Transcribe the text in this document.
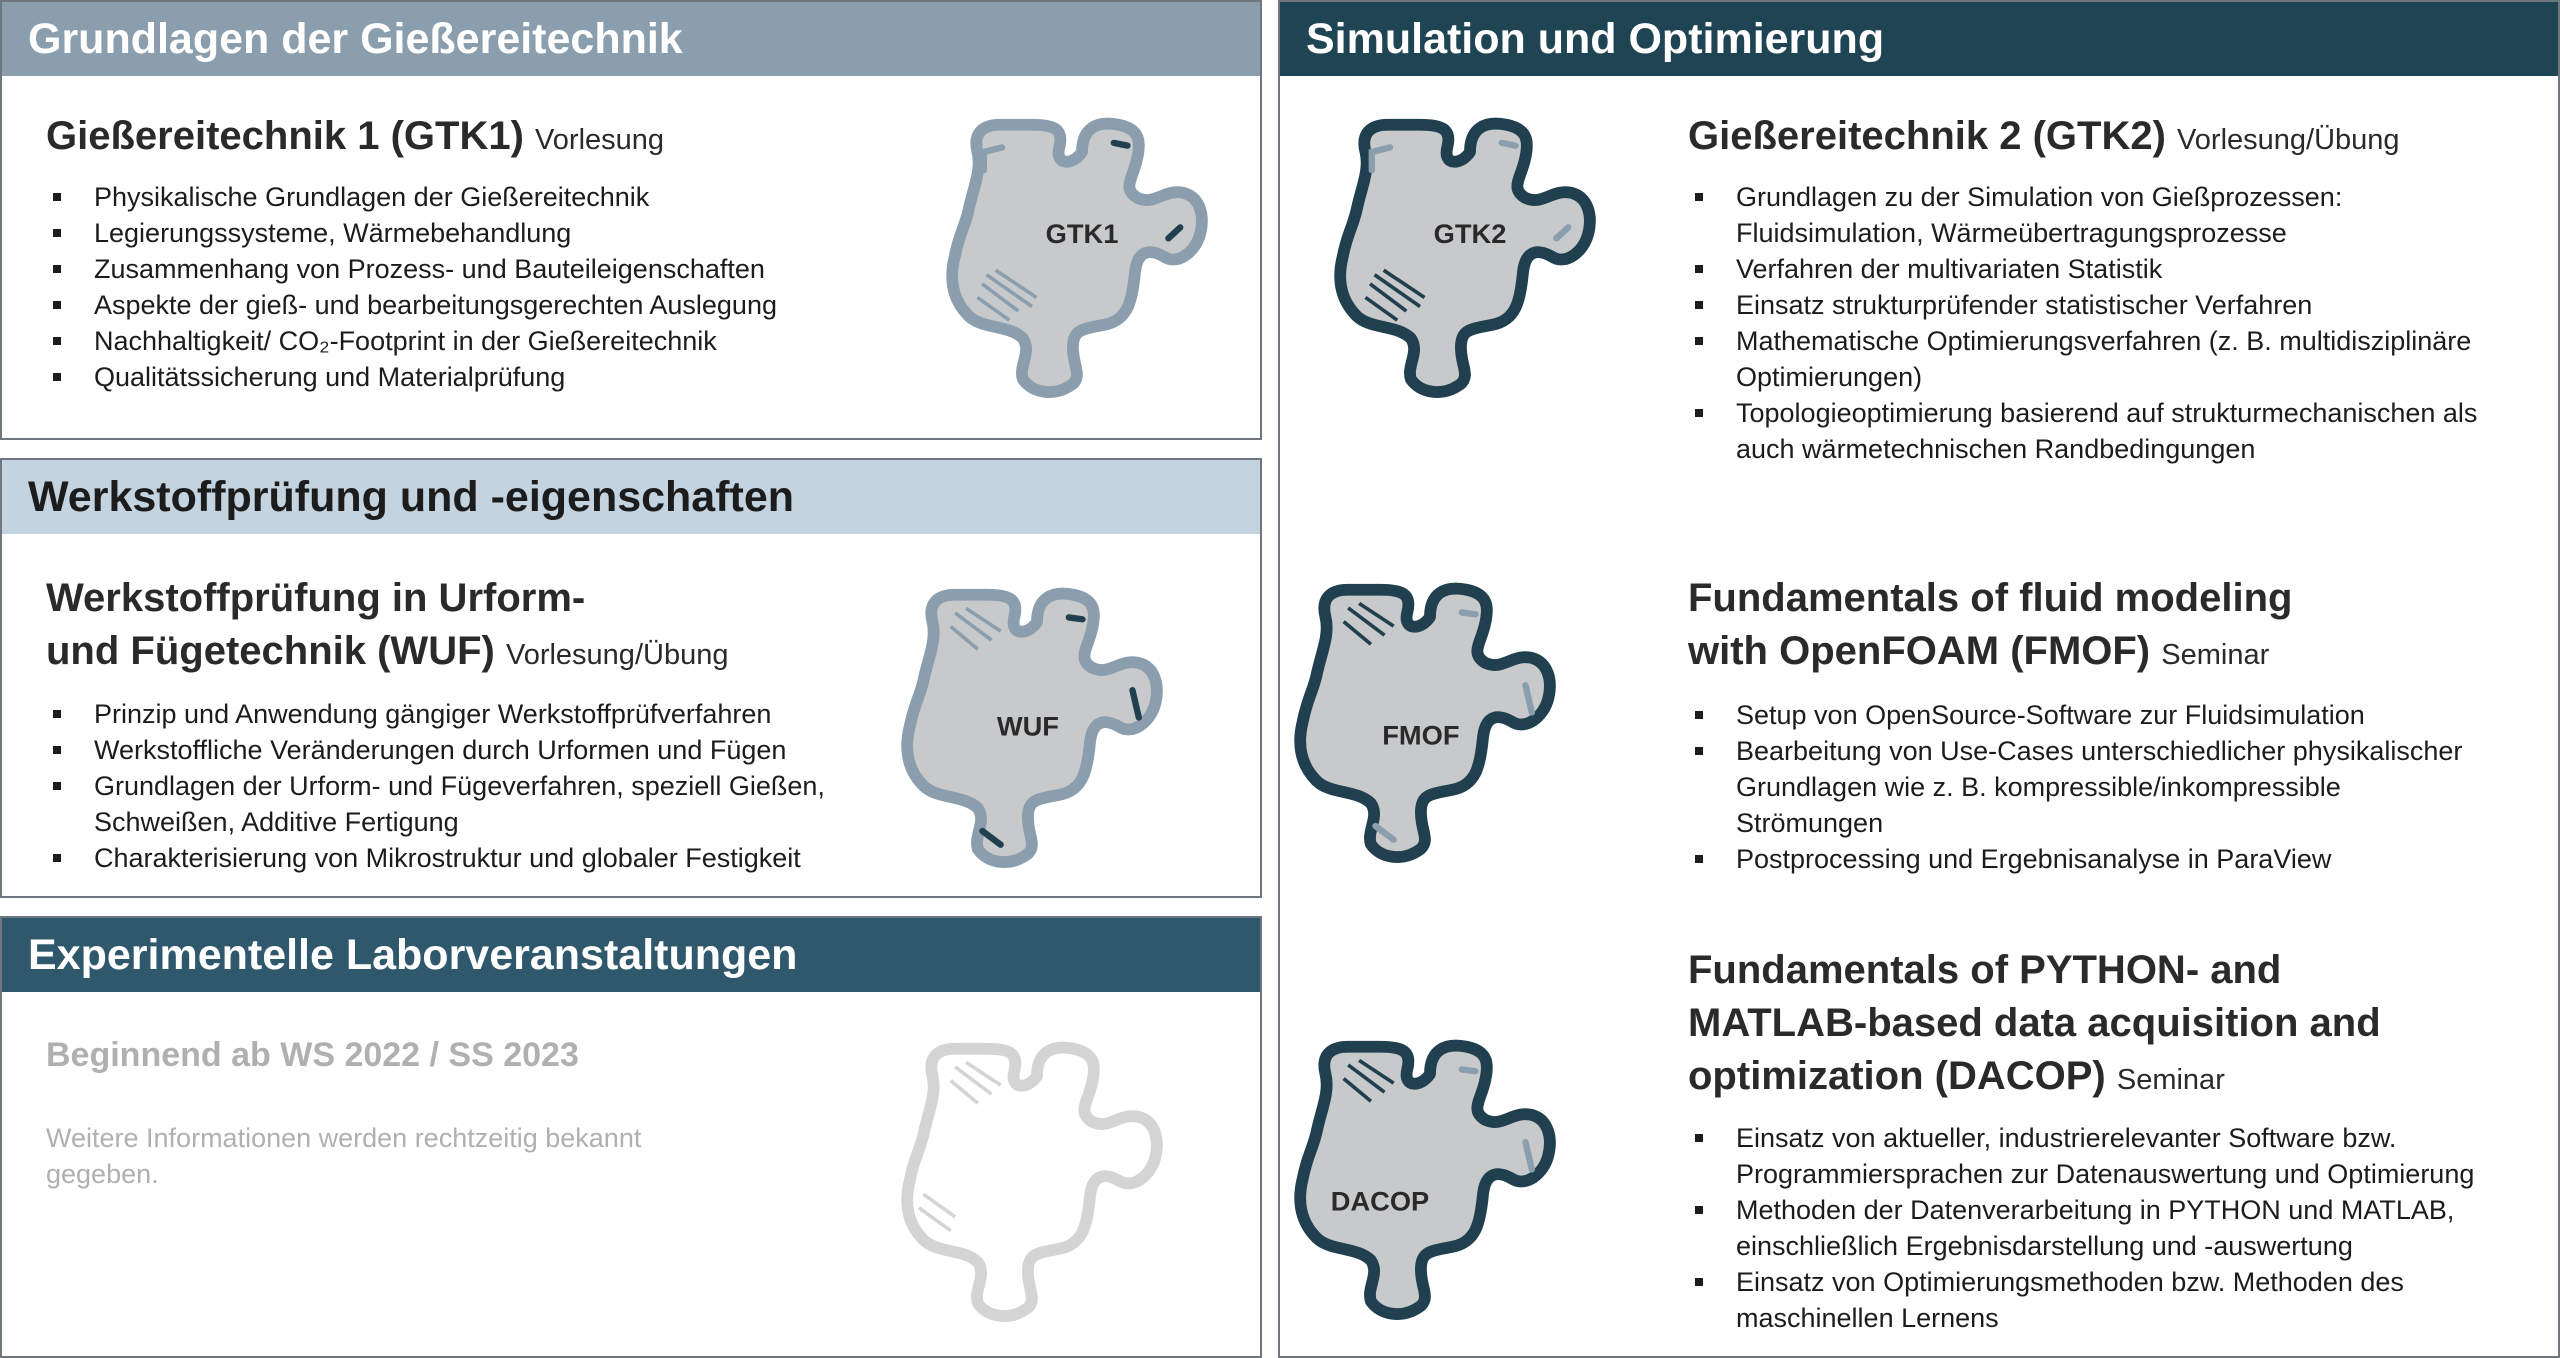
Grundlagen der Gießereitechnik
Gießereitechnik 1 (GTK1) Vorlesung
Physikalische Grundlagen der Gießereitechnik
Legierungssysteme, Wärmebehandlung
Zusammenhang von Prozess- und Bauteileigenschaften
Aspekte der gieß- und bearbeitungsgerechten Auslegung
Nachhaltigkeit/ CO₂-Footprint in der Gießereitechnik
Qualitätssicherung und Materialprüfung
GTK1
Werkstoffprüfung und -eigenschaften
Werkstoffprüfung in Urform-
und Fügetechnik (WUF) Vorlesung/Übung
Prinzip und Anwendung gängiger Werkstoffprüfverfahren
Werkstoffliche Veränderungen durch Urformen und Fügen
Grundlagen der Urform- und Fügeverfahren, speziell Gießen, Schweißen, Additive Fertigung
Charakterisierung von Mikrostruktur und globaler Festigkeit
WUF
Experimentelle Laborveranstaltungen
Beginnend ab WS 2022 / SS 2023
Weitere Informationen werden rechtzeitig bekannt gegeben.
Simulation und Optimierung
GTK2
Gießereitechnik 2 (GTK2) Vorlesung/Übung
Grundlagen zu der Simulation von Gießprozessen: Fluidsimulation, Wärmeübertragungsprozesse
Verfahren der multivariaten Statistik
Einsatz strukturprüfender statistischer Verfahren
Mathematische Optimierungsverfahren (z. B. multidisziplinäre Optimierungen)
Topologieoptimierung basierend auf strukturmechanischen als auch wärmetechnischen Randbedingungen
FMOF
Fundamentals of fluid modeling
with OpenFOAM (FMOF) Seminar
Setup von OpenSource-Software zur Fluidsimulation
Bearbeitung von Use-Cases unterschiedlicher physikalischer Grundlagen wie z. B. kompressible/inkompressible Strömungen
Postprocessing und Ergebnisanalyse in ParaView
DACOP
Fundamentals of PYTHON- and
MATLAB-based data acquisition and
optimization (DACOP) Seminar
Einsatz von aktueller, industrierelevanter Software bzw. Programmiersprachen zur Datenauswertung und Optimierung
Methoden der Datenverarbeitung in PYTHON und MATLAB, einschließlich Ergebnisdarstellung und -auswertung
Einsatz von Optimierungsmethoden bzw. Methoden des maschinellen Lernens
